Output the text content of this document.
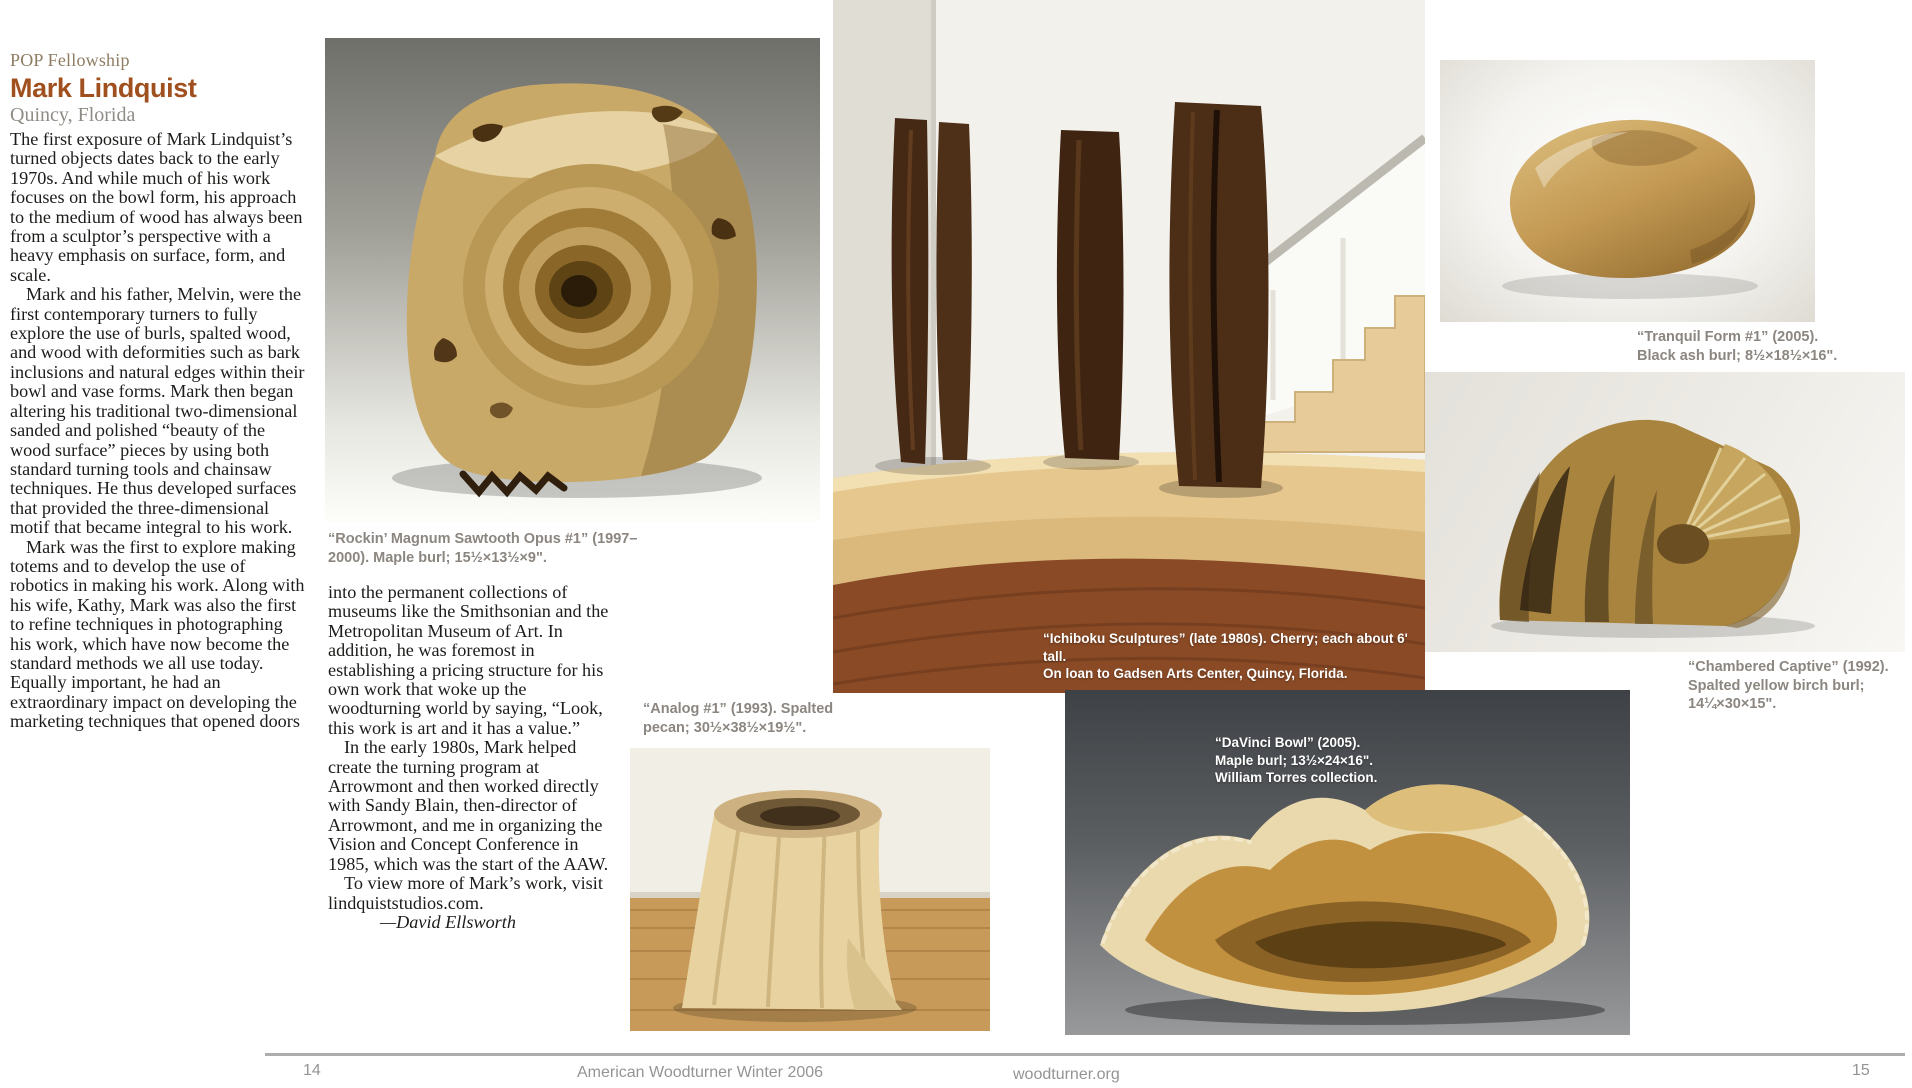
POP Fellowship
Mark Lindquist
Quincy, Florida

The first exposure of Mark Lindquist’s turned objects dates back to the early 1970s. And while much of his work focuses on the bowl form, his approach to the medium of wood has always been from a sculptor’s perspective with a heavy emphasis on surface, form, and scale.

Mark and his father, Melvin, were the first contemporary turners to fully explore the use of burls, spalted wood, and wood with deformities such as bark inclusions and natural edges within their bowl and vase forms. Mark then began altering his traditional two-dimensional sanded and polished “beauty of the wood surface” pieces by using both standard turning tools and chainsaw techniques. He thus developed surfaces that provided the three-dimensional motif that became integral to his work.

Mark was the first to explore making totems and to develop the use of robotics in making his work. Along with his wife, Kathy, Mark was also the first to refine techniques in photographing his work, which have now become the standard methods we all use today. Equally important, he had an extraordinary impact on developing the marketing techniques that opened doors

“Rockin’ Magnum Sawtooth Opus #1” (1997–
2000). Maple burl; 15½×13½×9".

into the permanent collections of museums like the Smithsonian and the Metropolitan Museum of Art. In addition, he was foremost in establishing a pricing structure for his own work that woke up the woodturning world by saying, “Look, this work is art and it has a value.”

In the early 1980s, Mark helped create the turning program at Arrowmont and then worked directly with Sandy Blain, then-director of Arrowmont, and me in organizing the Vision and Concept Conference in 1985, which was the start of the AAW.

To view more of Mark’s work, visit lindquiststudios.com.

—David Ellsworth
“Ichiboku Sculptures” (late 1980s). Cherry; each about 6' tall.
On loan to Gadsen Arts Center, Quincy, Florida.
“Tranquil Form #1” (2005).
Black ash burl; 8½×18½×16".
“Chambered Captive” (1992).
Spalted yellow birch burl;
14¼×30×15".
“Analog #1” (1993). Spalted
pecan; 30½×38½×19½".
“DaVinci Bowl” (2005).
Maple burl; 13½×24×16".
William Torres collection.
14	American Woodturner Winter 2006	woodturner.org	15
